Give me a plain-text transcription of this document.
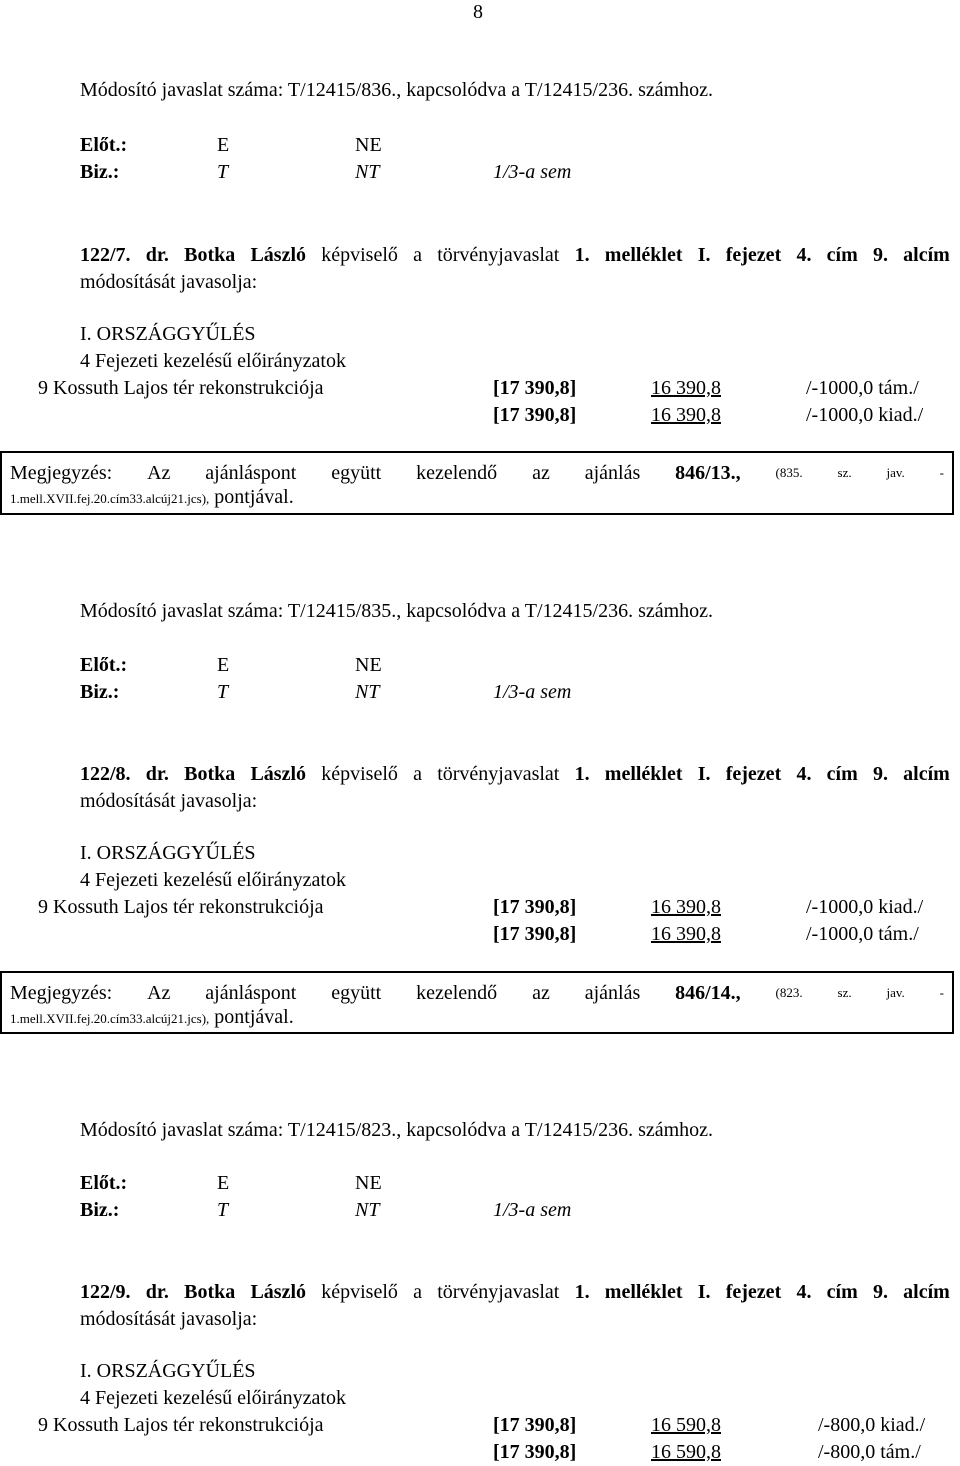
8
Módosító javaslat száma: T/12415/836., kapcsolódva a T/12415/236. számhoz.
Előt.:	E	NE
Biz.:	T	NT	1/3-a sem
122/7. dr. Botka László képviselő a törvényjavaslat 1. melléklet I. fejezet 4. cím 9. alcím
módosítását javasolja:
I. ORSZÁGGYŰLÉS
4 Fejezeti kezelésű előirányzatok
9 Kossuth Lajos tér rekonstrukciója	[17 390,8]	16 390,8	/-1000,0 tám./
[17 390,8]	16 390,8	/-1000,0 kiad./
Megjegyzés: Az ajánláspont együtt kezelendő az ajánlás 846/13.,	(835.	sz.	jav.	-
1.mell.XVII.fej.20.cím33.alcúj21.jcs), pontjával.
Módosító javaslat száma: T/12415/835., kapcsolódva a T/12415/236. számhoz.
Előt.:	E	NE
Biz.:	T	NT	1/3-a sem
122/8. dr. Botka László képviselő a törvényjavaslat 1. melléklet I. fejezet 4. cím 9. alcím
módosítását javasolja:
I. ORSZÁGGYŰLÉS
4 Fejezeti kezelésű előirányzatok
9 Kossuth Lajos tér rekonstrukciója	[17 390,8]	16 390,8	/-1000,0 kiad./
[17 390,8]	16 390,8	/-1000,0 tám./
Megjegyzés: Az ajánláspont együtt kezelendő az ajánlás 846/14.,	(823.	sz.	jav.	-
1.mell.XVII.fej.20.cím33.alcúj21.jcs), pontjával.
Módosító javaslat száma: T/12415/823., kapcsolódva a T/12415/236. számhoz.
Előt.:	E	NE
Biz.:	T	NT	1/3-a sem
122/9. dr. Botka László képviselő a törvényjavaslat 1. melléklet I. fejezet 4. cím 9. alcím
módosítását javasolja:
I. ORSZÁGGYŰLÉS
4 Fejezeti kezelésű előirányzatok
9 Kossuth Lajos tér rekonstrukciója	[17 390,8]	16 590,8	/-800,0 kiad./
[17 390,8]	16 590,8	/-800,0 tám./
